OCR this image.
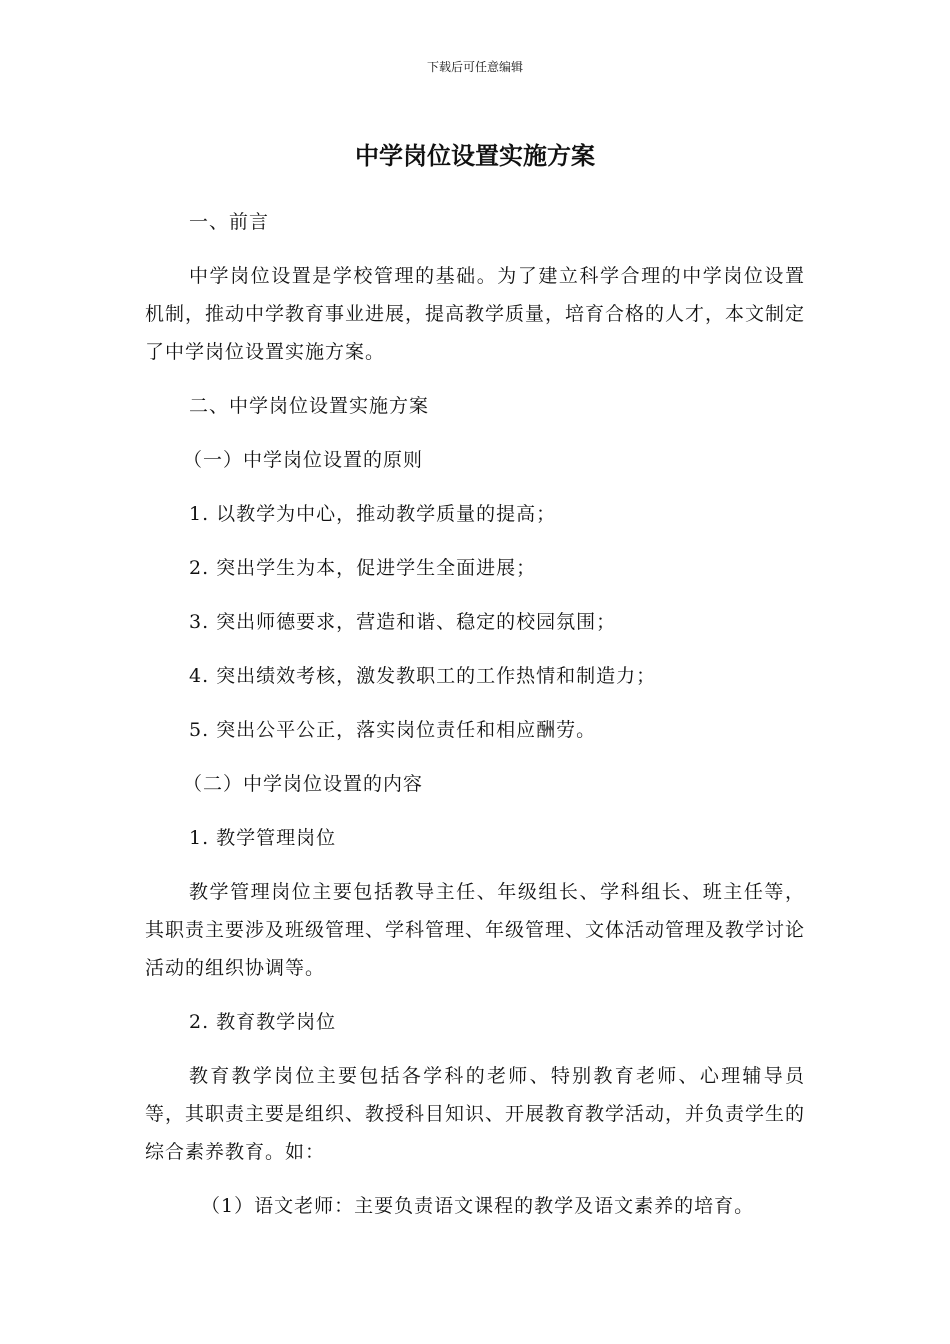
下载后可任意编辑
中学岗位设置实施方案

一、前言

中学岗位设置是学校管理的基础。为了建立科学合理的中学岗位设置机制，推动中学教育事业进展，提高教学质量，培育合格的人才，本文制定了中学岗位设置实施方案。

二、中学岗位设置实施方案

（一）中学岗位设置的原则

1. 以教学为中心，推动教学质量的提高；

2. 突出学生为本，促进学生全面进展；

3. 突出师德要求，营造和谐、稳定的校园氛围；

4. 突出绩效考核，激发教职工的工作热情和制造力；

5. 突出公平公正，落实岗位责任和相应酬劳。

（二）中学岗位设置的内容

1. 教学管理岗位

教学管理岗位主要包括教导主任、年级组长、学科组长、班主任等，其职责主要涉及班级管理、学科管理、年级管理、文体活动管理及教学讨论活动的组织协调等。

2. 教育教学岗位

教育教学岗位主要包括各学科的老师、特别教育老师、心理辅导员等，其职责主要是组织、教授科目知识、开展教育教学活动，并负责学生的综合素养教育。如：

（1）语文老师：主要负责语文课程的教学及语文素养的培育。
